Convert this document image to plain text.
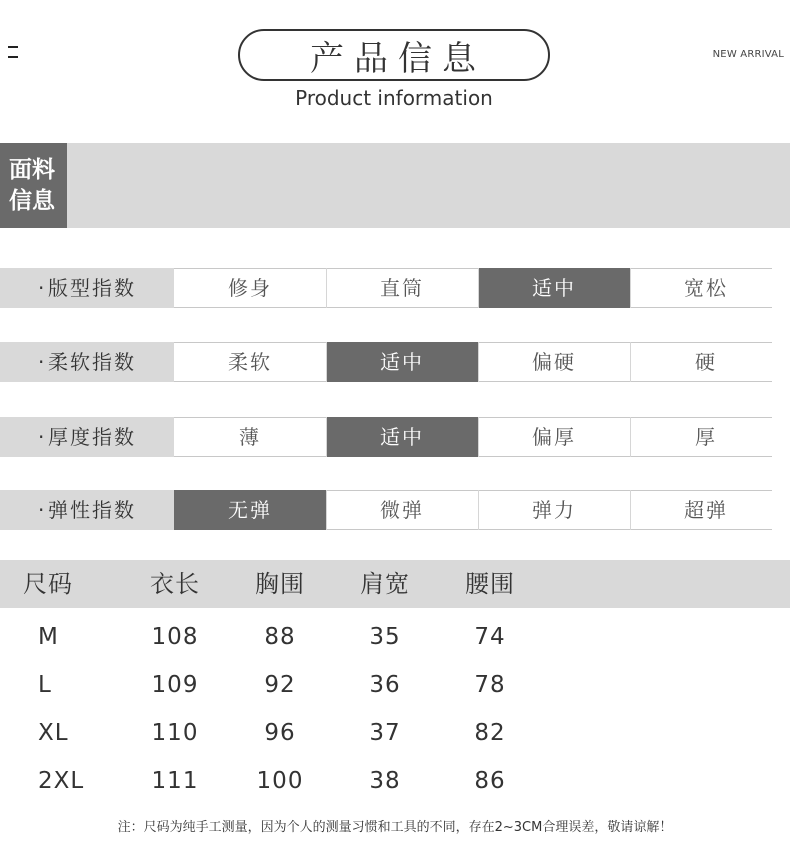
产品信息
Product information
NEW ARRIVAL
面料
信息
· 版型指数	修身	直筒	适中	宽松
· 柔软指数	柔软	适中	偏硬	硬
· 厚度指数	薄	适中	偏厚	厚
· 弹性指数	无弹	微弹	弹力	超弹
尺码	衣长	胸围	肩宽	腰围
M	108	88	35	74
L	109	92	36	78
XL	110	96	37	82
2XL	111	100	38	86
注：尺码为纯手工测量，因为个人的测量习惯和工具的不同，存在2~3CM合理误差，敬请谅解！
